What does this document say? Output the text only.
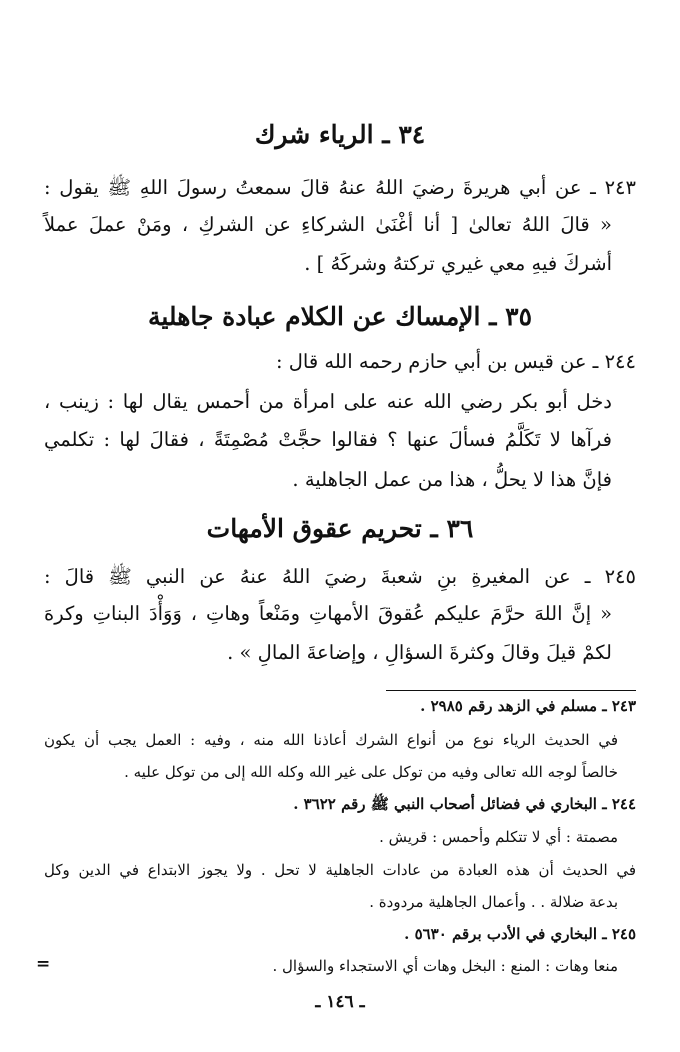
٣٤ ـ الرياء شرك
٢٤٣ ـ عن أبي هريرةَ رضيَ اللهُ عنهُ قالَ سمعتُ رسولَ اللهِ ﷺ يقول :
« قالَ اللهُ تعالىٰ [ أنا أغْنَىٰ الشركاءِ عن الشركِ ، ومَنْ عملَ عملاً
أشركَ فيهِ معي غيري تركتهُ وشركَهُ ] .
٣٥ ـ الإمساك عن الكلام عبادة جاهلية
٢٤٤ ـ عن قيس بن أبي حازم رحمه الله قال :
دخل أبو بكر رضي الله عنه على امرأة من أحمس يقال لها : زينب ،
فرآها لا تَكَلَّمُ فسألَ عنها ؟ فقالوا حجَّتْ مُصْمِتَةً ، فقالَ لها : تكلمي
فإنَّ هذا لا يحلُّ ، هذا من عمل الجاهلية .
٣٦ ـ تحريم عقوق الأمهات
٢٤٥ ـ عن المغيرةِ بنِ شعبةَ رضيَ اللهُ عنهُ عن النبي ﷺ قالَ :
« إنَّ اللهَ حرَّمَ عليكم عُقوقَ الأمهاتِ ومَنْعاً وهاتِ ، وَوَأْدَ البناتِ وكرهَ
لكمْ قيلَ وقالَ وكثرةَ السؤالِ ، وإضاعةَ المالِ » .
٢٤٣ ـ مسلم في الزهد رقم ٢٩٨٥ .
في الحديث الرياء نوع من أنواع الشرك أعاذنا الله منه ، وفيه : العمل يجب أن يكون
خالصاً لوجه الله تعالى وفيه من توكل على غير الله وكله الله إلى من توكل عليه .
٢٤٤ ـ البخاري في فضائل أصحاب النبي ﷺ رقم ٣٦٢٢ .
مصمتة : أي لا تتكلم وأحمس : قريش .
في الحديث أن هذه العبادة من عادات الجاهلية لا تحل . ولا يجوز الابتداع في الدين وكل
بدعة ضلالة . . وأعمال الجاهلية مردودة .
٢٤٥ ـ البخاري في الأدب برقم ٥٦٣٠ .
منعا وهات : المنع : البخل وهات أي الاستجداء والسؤال .
=
ـ ١٤٦ ـ
